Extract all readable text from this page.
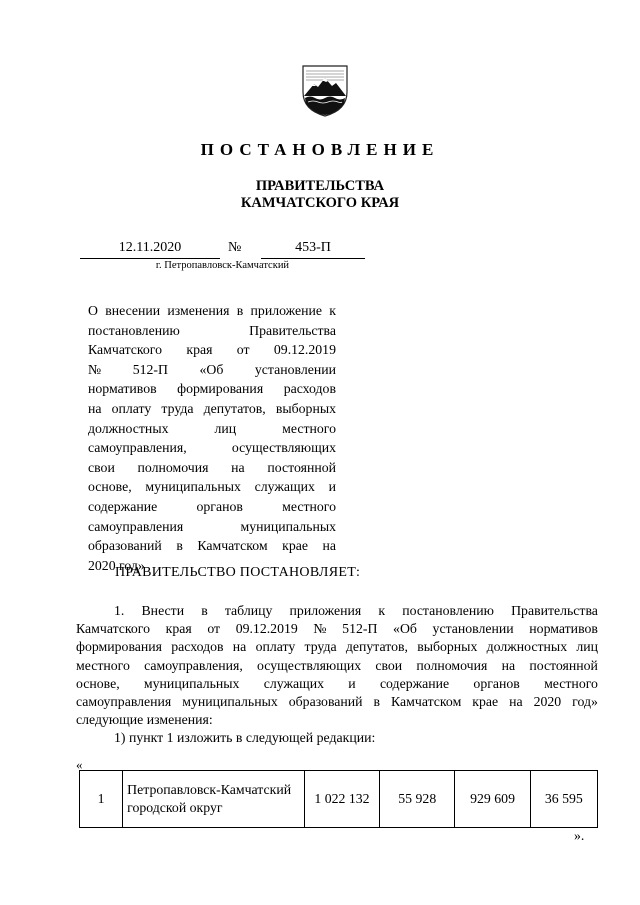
ПОСТАНОВЛЕНИЕ
ПРАВИТЕЛЬСТВА
КАМЧАТСКОГО КРАЯ
12.11.2020	№	453-П
г. Петропавловск-Камчатский
О внесении изменения в приложение к
постановлению	Правительства
Камчатского края от 09.12.2019
№ 512-П «Об установлении
нормативов формирования расходов
на оплату труда депутатов, выборных
должностных	лиц	местного
самоуправления,	осуществляющих
свои полномочия на постоянной
основе, муниципальных служащих и
содержание	органов	местного
самоуправления	муниципальных
образований в Камчатском крае на
2020 год»
ПРАВИТЕЛЬСТВО ПОСТАНОВЛЯЕТ:
1. Внести в таблицу приложения к постановлению Правительства
Камчатского края от 09.12.2019 № 512-П «Об установлении нормативов
формирования расходов на оплату труда депутатов, выборных должностных лиц
местного самоуправления, осуществляющих свои полномочия на постоянной
основе, муниципальных служащих и содержание органов местного
самоуправления муниципальных образований в Камчатском крае на 2020 год»
следующие изменения:
1) пункт 1 изложить в следующей редакции:
«
1	Петропавловск-Камчатский городской округ	1 022 132	55 928	929 609	36 595
».
